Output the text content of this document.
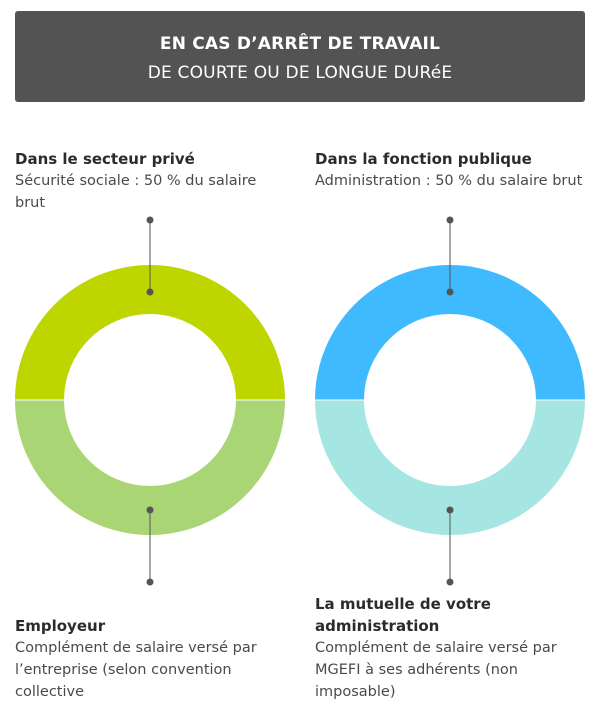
EN CAS D’ARRÊT DE TRAVAIL
DE COURTE OU DE LONGUE DURéE
Dans le secteur privé
Sécurité sociale : 50 % du salaire brut
Dans la fonction publique
Administration : 50 % du salaire brut
Employeur
Complément de salaire versé par l’entreprise (selon convention collective
La mutuelle de votre administration
Complément de salaire versé par MGEFI à ses adhérents (non imposable)
